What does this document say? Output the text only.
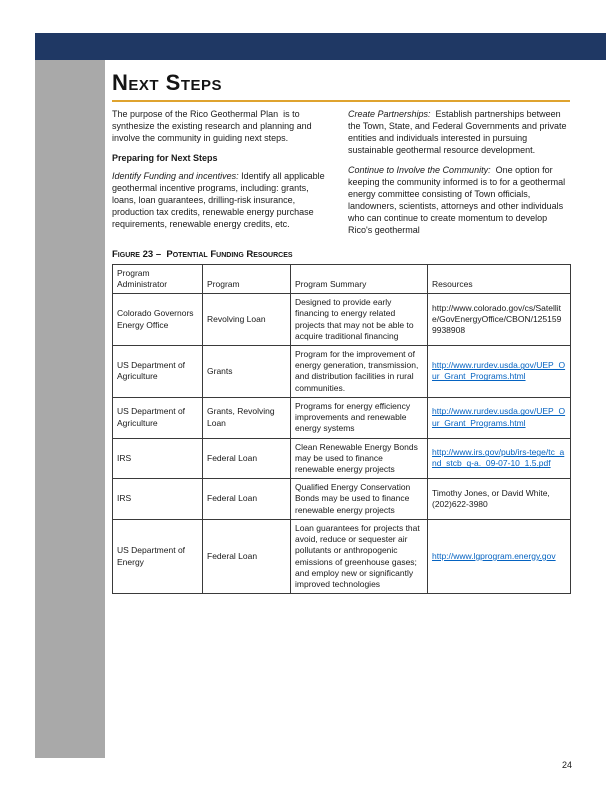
Next Steps

The purpose of the Rico Geothermal Plan  is to synthesize the existing research and planning and involve the community in guiding next steps.

Preparing for Next Steps

Identify Funding and incentives: Identify all applicable geothermal incentive programs, including: grants, loans, loan guarantees, drilling-risk insurance, production tax credits, renewable energy purchase requirements, renewable energy credits, etc.

Create Partnerships:  Establish partnerships between the Town, State, and Federal Governments and private entities and individuals interested in pursuing sustainable geothermal resource development.

Continue to Involve the Community:  One option for keeping the community informed is to for a geothermal energy committee consisting of Town officials, landowners, scientists, attorneys and other individuals who can continue to create momentum to develop Rico's geothermal

Figure 23 –  Potential Funding Resources
Program Administrator	Program	Program Summary	Resources
Colorado Governors Energy Office	Revolving Loan	Designed to provide early financing to energy related projects that may not be able to acquire traditional financing	http://www.colorado.gov/cs/Satellite/GovEnergyOffice/CBON/1251599938908
US Department of Agriculture	Grants	Program for the improvement of energy generation, transmission, and distribution facilities in rural communities.	http://www.rurdev.usda.gov/UEP_Our_Grant_Programs.html
US Department of Agriculture	Grants, Revolving Loan	Programs for energy efficiency improvements and renewable energy systems	http://www.rurdev.usda.gov/UEP_Our_Grant_Programs.html
IRS	Federal Loan	Clean Renewable Energy Bonds may be used to finance renewable energy projects	http://www.irs.gov/pub/irs-tege/tc_and_stcb_q-a._09-07-10_1.5.pdf
IRS	Federal Loan	Qualified Energy Conservation Bonds may be used to finance renewable energy projects	Timothy Jones, or David White, (202)622-3980
US Department of Energy	Federal Loan	Loan guarantees for projects that avoid, reduce or sequester air pollutants or anthropogenic emissions of greenhouse gases; and employ new or significantly improved technologies	http://www.lgprogram.energy.gov
24
